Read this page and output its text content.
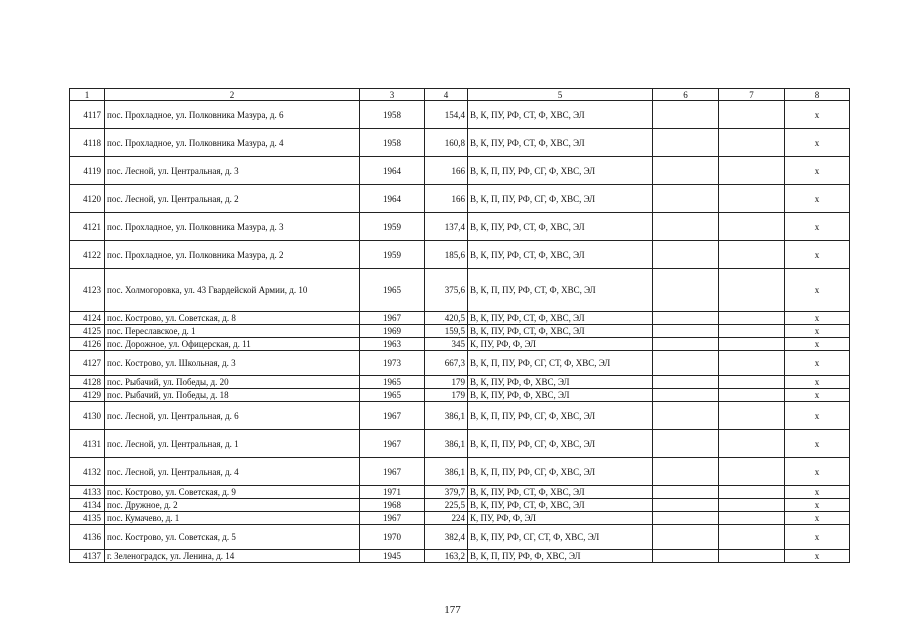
1	2	3	4	5	6	7	8
4117	пос. Прохладное, ул. Полковника Мазура, д. 6	1958	154,4	В, К, ПУ, РФ, СТ, Ф, ХВС, ЭЛ			x
4118	пос. Прохладное, ул. Полковника Мазура, д. 4	1958	160,8	В, К, ПУ, РФ, СТ, Ф, ХВС, ЭЛ			x
4119	пос. Лесной, ул. Центральная, д. 3	1964	166	В, К, П, ПУ, РФ, СГ, Ф, ХВС, ЭЛ			x
4120	пос. Лесной, ул. Центральная, д. 2	1964	166	В, К, П, ПУ, РФ, СГ, Ф, ХВС, ЭЛ			x
4121	пос. Прохладное, ул. Полковника Мазура, д. 3	1959	137,4	В, К, ПУ, РФ, СТ, Ф, ХВС, ЭЛ			x
4122	пос. Прохладное, ул. Полковника Мазура, д. 2	1959	185,6	В, К, ПУ, РФ, СТ, Ф, ХВС, ЭЛ			x
4123	пос. Холмогоровка, ул. 43 Гвардейской Армии, д. 10	1965	375,6	В, К, П, ПУ, РФ, СТ, Ф, ХВС, ЭЛ			x
4124	пос. Кострово, ул. Советская, д. 8	1967	420,5	В, К, ПУ, РФ, СТ, Ф, ХВС, ЭЛ			x
4125	пос. Переславское, д. 1	1969	159,5	В, К, ПУ, РФ, СТ, Ф, ХВС, ЭЛ			x
4126	пос. Дорожное, ул. Офицерская, д. 11	1963	345	К, ПУ, РФ, Ф, ЭЛ			x
4127	пос. Кострово, ул. Школьная, д. 3	1973	667,3	В, К, П, ПУ, РФ, СГ, СТ, Ф, ХВС, ЭЛ			x
4128	пос. Рыбачий, ул. Победы, д. 20	1965	179	В, К, ПУ, РФ, Ф, ХВС, ЭЛ			x
4129	пос. Рыбачий, ул. Победы, д. 18	1965	179	В, К, ПУ, РФ, Ф, ХВС, ЭЛ			x
4130	пос. Лесной, ул. Центральная, д. 6	1967	386,1	В, К, П, ПУ, РФ, СГ, Ф, ХВС, ЭЛ			x
4131	пос. Лесной, ул. Центральная, д. 1	1967	386,1	В, К, П, ПУ, РФ, СГ, Ф, ХВС, ЭЛ			x
4132	пос. Лесной, ул. Центральная, д. 4	1967	386,1	В, К, П, ПУ, РФ, СГ, Ф, ХВС, ЭЛ			x
4133	пос. Кострово, ул. Советская, д. 9	1971	379,7	В, К, ПУ, РФ, СТ, Ф, ХВС, ЭЛ			x
4134	пос. Дружное, д. 2	1968	225,5	В, К, ПУ, РФ, СТ, Ф, ХВС, ЭЛ			x
4135	пос. Кумачево, д. 1	1967	224	К, ПУ, РФ, Ф, ЭЛ			x
4136	пос. Кострово, ул. Советская, д. 5	1970	382,4	В, К, ПУ, РФ, СГ, СТ, Ф, ХВС, ЭЛ			x
4137	г. Зеленоградск, ул. Ленина, д. 14	1945	163,2	В, К, П, ПУ, РФ, Ф, ХВС, ЭЛ			x
177
